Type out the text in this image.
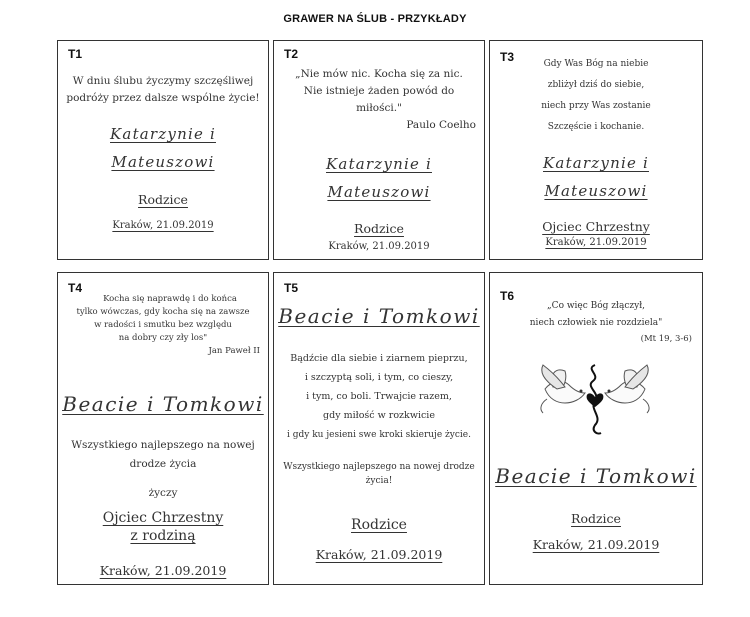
GRAWER NA ŚLUB - PRZYKŁADY
T1
W dniu ślubu życzymy szczęśliwej
podróży przez dalsze wspólne życie!
Katarzynie i
Mateuszowi
Rodzice
Kraków, 21.09.2019
T2
„Nie mów nic. Kocha się za nic.
Nie istnieje żaden powód do
miłości."
Paulo Coelho
Katarzynie i
Mateuszowi
Rodzice
Kraków, 21.09.2019
T3	Gdy Was Bóg na niebie
zbliżył dziś do siebie,
niech przy Was zostanie
Szczęście i kochanie.
Katarzynie i
Mateuszowi
Ojciec Chrzestny
Kraków, 21.09.2019
T4
Kocha się naprawdę i do końca
tylko wówczas, gdy kocha się na zawsze
w radości i smutku bez względu
na dobry czy zły los"
Jan Paweł II
Beacie i Tomkowi
Wszystkiego najlepszego na nowej
drodze życia
życzy
Ojciec Chrzestny
z rodziną
Kraków, 21.09.2019
T5
Beacie i Tomkowi
Bądźcie dla siebie i ziarnem pieprzu,
i szczyptą soli, i tym, co cieszy,
i tym, co boli. Trwajcie razem,
gdy miłość w rozkwicie
i gdy ku jesieni swe kroki skieruje życie.
Wszystkiego najlepszego na nowej drodze
życia!
Rodzice
Kraków, 21.09.2019
T6
„Co więc Bóg złączył,
niech człowiek nie rozdziela"
(Mt 19, 3-6)
Beacie i Tomkowi
Rodzice
Kraków, 21.09.2019
